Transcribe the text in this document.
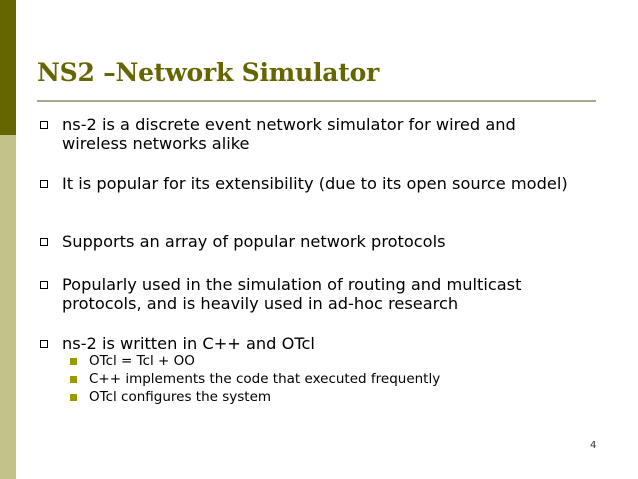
NS2 –Network Simulator
ns-2 is a discrete event network simulator for wired and wireless networks alike
It is popular for its extensibility (due to its open source model)
Supports an array of popular network protocols
Popularly used in the simulation of routing and multicast protocols, and is heavily used in ad-hoc research
ns-2 is written in C++ and OTcl
OTcl = Tcl + OO
C++ implements the code that executed frequently
OTcl configures the system
4
